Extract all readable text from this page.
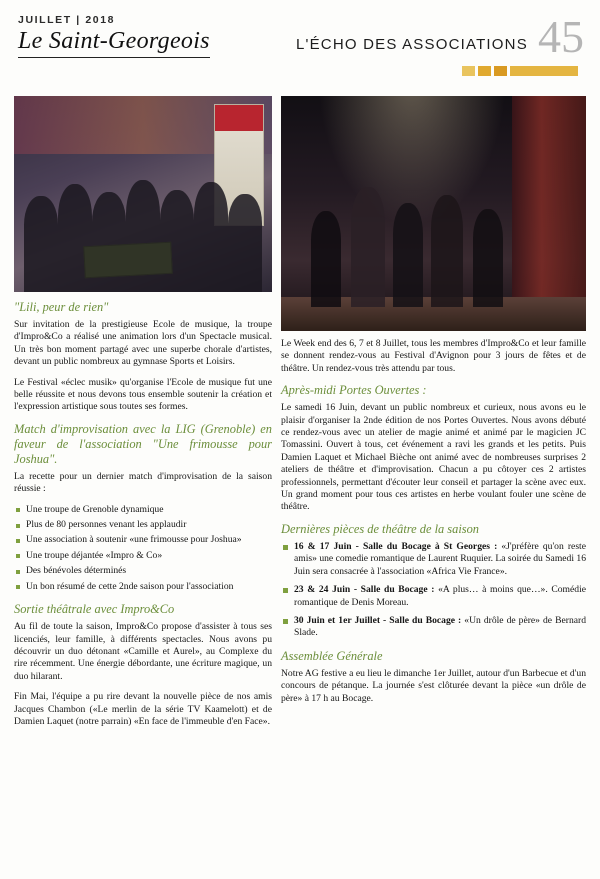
JUILLET | 2018
Le Saint-Georgeois	L'ÉCHO DES ASSOCIATIONS 45
"Lili, peur de rien"

Sur invitation de la prestigieuse Ecole de musique, la troupe d'Impro&Co a réalisé une animation lors d'un Spectacle musical. Un très bon moment partagé avec une superbe chorale d'artistes, devant un public nombreux au gymnase Sports et Loisirs.

Le Festival «éclec musik» qu'organise l'Ecole de musique fut une belle réussite et nous devons tous ensemble soutenir la création et l'expression artistique sous toutes ses formes.

Match d'improvisation avec la LIG (Grenoble) en faveur de l'association "Une frimousse pour Joshua".

La recette pour un dernier match d'improvisation de la saison réussie :

Une troupe de Grenoble dynamique
Plus de 80 personnes venant les applaudir
Une association à soutenir «une frimousse pour Joshua»
Une troupe déjantée «Impro & Co»
Des bénévoles déterminés
Un bon résumé de cette 2nde saison pour l'association
Sortie théâtrale avec Impro&Co

Au fil de toute la saison, Impro&Co propose d'assister à tous ses licenciés, leur famille, à différents spectacles. Nous avons pu découvrir un duo détonant «Camille et Aurel», au Complexe du rire récemment. Une énergie débordante, une écriture magique, un duo hilarant.

Fin Mai, l'équipe a pu rire devant la nouvelle pièce de nos amis Jacques Chambon («Le merlin de la série TV Kaamelott) et de Damien Laquet (notre parrain) «En face de l'immeuble d'en Face».

Le Week end des 6, 7 et 8 Juillet, tous les membres d'Impro&Co et leur famille se donnent rendez-vous au Festival d'Avignon pour 3 jours de fêtes et de théâtre. Un rendez-vous très attendu par tous.

Après-midi Portes Ouvertes :

Le samedi 16 Juin, devant un public nombreux et curieux, nous avons eu le plaisir d'organiser la 2nde édition de nos Portes Ouvertes. Nous avons débuté ce rendez-vous avec un atelier de magie animé et animé par le magicien JC Tomassini. Ouvert à tous, cet événement a ravi les grands et les petits. Puis Damien Laquet et Michael Bièche ont animé avec de nombreuses surprises 2 ateliers de théâtre et d'improvisation. Chacun a pu côtoyer ces 2 artistes professionnels, permettant d'écouter leur conseil et partager la scène avec eux. Un grand moment pour tous ces artistes en herbe voulant fouler une scène de théâtre.

Dernières pièces de théâtre de la saison
16 & 17 Juin - Salle du Bocage à St Georges : «J'préfère qu'on reste amis» une comedie romantique de Laurent Ruquier. La soirée du Samedi 16 Juin sera consacrée à l'association «Africa Vie France».
23 & 24 Juin - Salle du Bocage : «A plus… à moins que…». Comédie romantique de Denis Moreau.
30 Juin et 1er Juillet - Salle du Bocage : «Un drôle de père» de Bernard Slade.
Assemblée Générale

Notre AG festive a eu lieu le dimanche 1er Juillet, autour d'un Barbecue et d'un concours de pétanque. La journée s'est clôturée devant la pièce «un drôle de père» à 17 h au Bocage.
